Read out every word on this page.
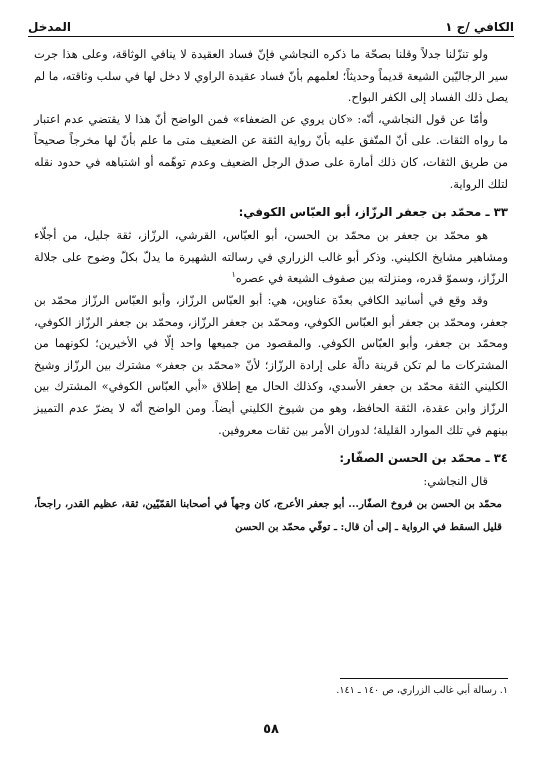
الكافي /ج ١
المدخل

ولو تنزّلنا جدلاً وقلنا بصحّة ما ذكره النجاشي فإنّ فساد العقيدة لا ينافي الوثاقة، وعلى هذا جرت سير الرجاليّين الشيعة قديماً وحديثاً؛ لعلمهم بأنّ فساد عقيدة الراوي لا دخل لها في سلب وثاقته، ما لم يصل ذلك الفساد إلى الكفر البواح.

وأمّا عن قول النجاشي، أنّه: «كان يروي عن الضعفاء» فمن الواضح أنّ هذا لا يقتضي عدم اعتبار ما رواه الثقات. على أنّ المتّفق عليه بأنّ رواية الثقة عن الضعيف متى ما علم بأنّ لها مخرجاً صحيحاً من طريق الثقات، كان ذلك أمارة على صدق الرجل الضعيف وعدم توهّمه أو اشتباهه في حدود نقله لتلك الرواية.

٣٣ ـ محمّد بن جعفر الرزّاز، أبو العبّاس الكوفي:

هو محمّد بن جعفر بن محمّد بن الحسن، أبو العبّاس، القرشي، الرزّاز، ثقة جليل، من أجلّاء ومشاهير مشايخ الكليني. وذكر أبو غالب الزراري في رسالته الشهيرة ما يدلّ بكلّ وضوح على جلالة الرزّاز، وسموّ قدره، ومنزلته بين صفوف الشيعة في عصره$^١$

وقد وقع في أسانيد الكافي بعدّة عناوين، هي: أبو العبّاس الرزّاز، وأبو العبّاس الرزّاز محمّد بن جعفر، ومحمّد بن جعفر أبو العبّاس الكوفي، ومحمّد بن جعفر الرزّاز، ومحمّد بن جعفر الرزّاز الكوفي، ومحمّد بن جعفر، وأبو العبّاس الكوفي. والمقصود من جميعها واحد إلّا في الأخيرين؛ لكونهما من المشتركات ما لم تكن قرينة دالّة على إرادة الرزّاز؛ لأنّ «محمّد بن جعفر» مشترك بين الرزّاز وشيخ الكليني الثقة محمّد بن جعفر الأسدي، وكذلك الحال مع إطلاق «أبي العبّاس الكوفي» المشترك بين الرزّاز وابن عقدة، الثقة الحافظ، وهو من شيوخ الكليني أيضاً. ومن الواضح أنّه لا يضرّ عدم التمييز بينهم في تلك الموارد القليلة؛ لدوران الأمر بين ثقات معروفين.

٣٤ ـ محمّد بن الحسن الصفّار:

قال النجاشي:

محمّد بن الحسن بن فروخ الصفّار... أبو جعفر الأعرج، كان وجهاً في أصحابنا القمّيّين، ثقة، عظيم القدر، راجحاً، قليل السقط في الرواية ـ إلى أن قال: ـ توفّي محمّد بن الحسن

١. رسالة أبي غالب الزراري، ص ١٤٠ ـ ١٤١.
٥٨
